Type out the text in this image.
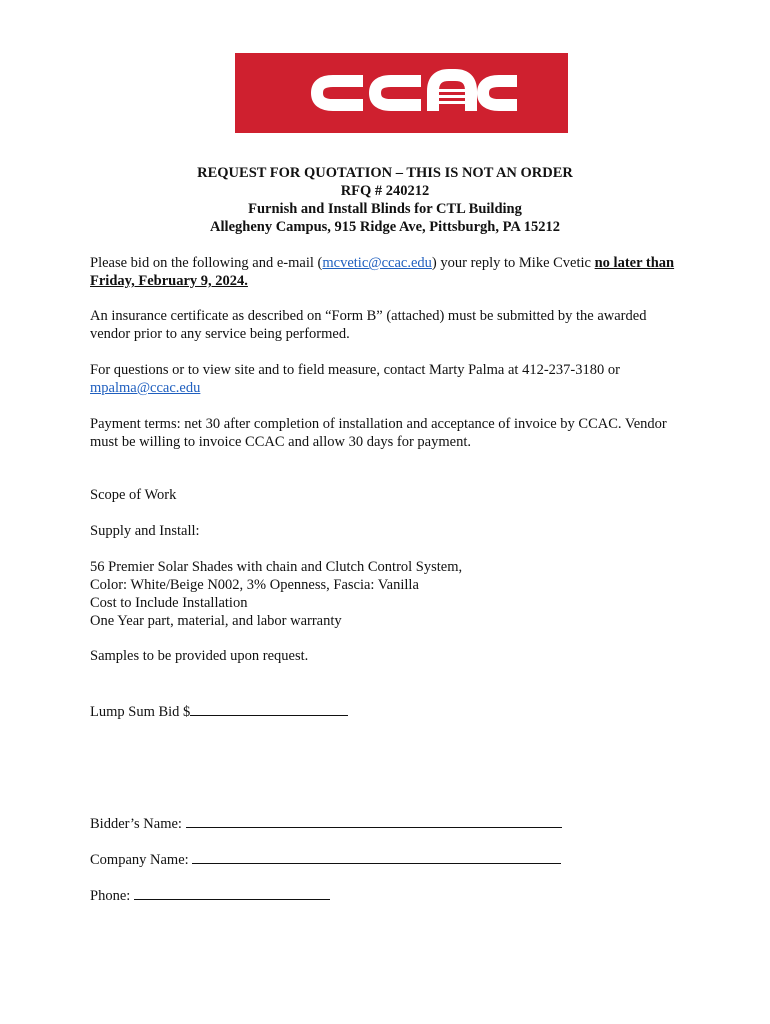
REQUEST FOR QUOTATION – THIS IS NOT AN ORDER
RFQ # 240212
Furnish and Install Blinds for CTL Building
Allegheny Campus, 915 Ridge Ave, Pittsburgh, PA 15212
Please bid on the following and e-mail (mcvetic@ccac.edu) your reply to Mike Cvetic no later than
Friday, February 9, 2024.
An insurance certificate as described on “Form B” (attached) must be submitted by the awarded
vendor prior to any service being performed.
For questions or to view site and to field measure, contact Marty Palma at 412-237-3180 or
mpalma@ccac.edu
Payment terms: net 30 after completion of installation and acceptance of invoice by CCAC. Vendor
must be willing to invoice CCAC and allow 30 days for payment.
Scope of Work
Supply and Install:
56 Premier Solar Shades with chain and Clutch Control System,
Color: White/Beige N002, 3% Openness, Fascia: Vanilla
Cost to Include Installation
One Year part, material, and labor warranty
Samples to be provided upon request.
Lump Sum Bid $
Bidder’s Name:
Company Name:
Phone:
